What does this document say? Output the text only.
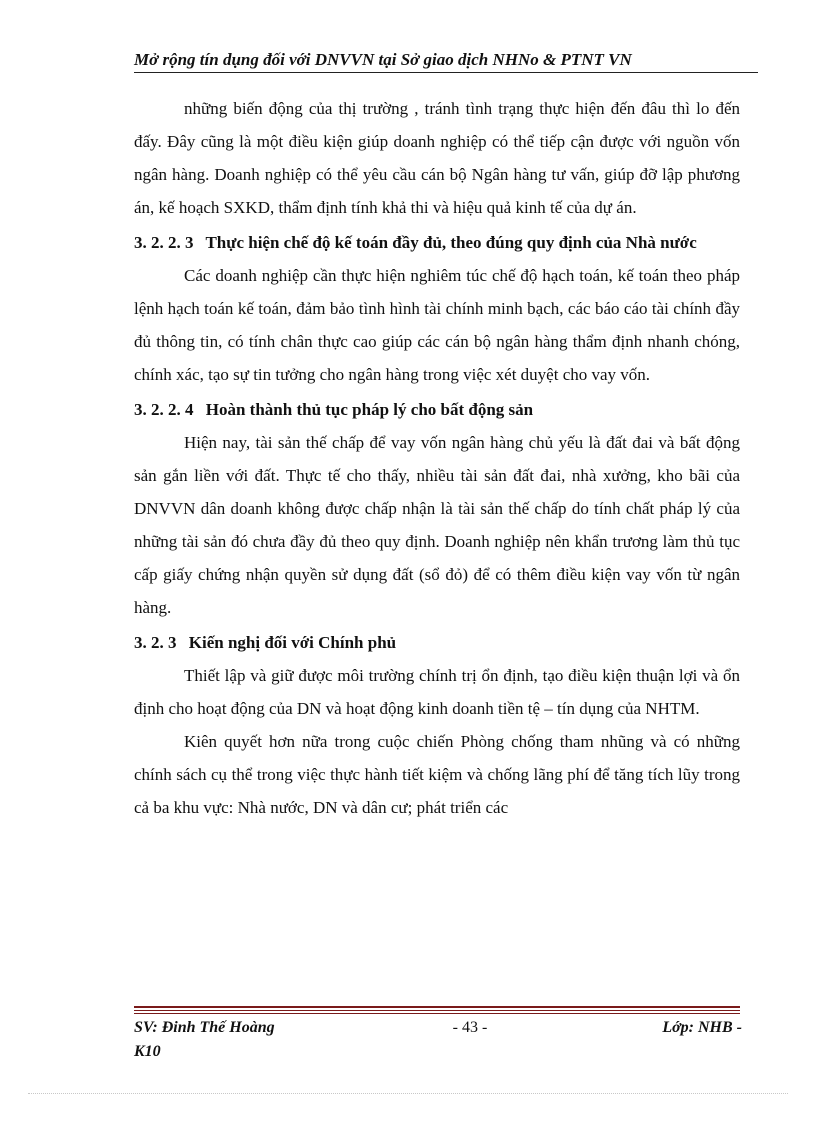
Mở rộng tín dụng đối với DNVVN tại Sở giao dịch NHNo & PTNT VN

những biến động của thị trường , tránh tình trạng thực hiện đến đâu thì lo đến đấy. Đây cũng là một điều kiện giúp doanh nghiệp có thể tiếp cận được với nguồn vốn ngân hàng. Doanh nghiệp có thể yêu cầu cán bộ Ngân hàng tư vấn, giúp đỡ lập phương án, kế hoạch SXKD, thẩm định tính khả thi và hiệu quả kinh tế của dự án.

3. 2. 2. 3 Thực hiện chế độ kế toán đầy đủ, theo đúng quy định của Nhà nước

Các doanh nghiệp cần thực hiện nghiêm túc chế độ hạch toán, kế toán theo pháp lệnh hạch toán kế toán, đảm bảo tình hình tài chính minh bạch, các báo cáo tài chính đầy đủ thông tin, có tính chân thực cao giúp các cán bộ ngân hàng thẩm định nhanh chóng, chính xác, tạo sự tin tưởng cho ngân hàng trong việc xét duyệt cho vay vốn.

3. 2. 2. 4 Hoàn thành thủ tục pháp lý cho bất động sản

Hiện nay, tài sản thế chấp để vay vốn ngân hàng chủ yếu là đất đai và bất động sản gắn liền với đất. Thực tế cho thấy, nhiều tài sản đất đai, nhà xưởng, kho bãi của DNVVN dân doanh không được chấp nhận là tài sản thế chấp do tính chất pháp lý của những tài sản đó chưa đầy đủ theo quy định. Doanh nghiệp nên khẩn trương làm thủ tục cấp giấy chứng nhận quyền sử dụng đất (sổ đỏ) để có thêm điều kiện vay vốn từ ngân hàng.

3. 2. 3 Kiến nghị đối với Chính phủ

Thiết lập và giữ được môi trường chính trị ổn định, tạo điều kiện thuận lợi và ổn định cho hoạt động của DN và hoạt động kinh doanh tiền tệ – tín dụng của NHTM.

Kiên quyết hơn nữa trong cuộc chiến Phòng chống tham nhũng và có những chính sách cụ thể trong việc thực hành tiết kiệm và chống lãng phí để tăng tích lũy trong cả ba khu vực: Nhà nước, DN và dân cư; phát triển các

SV: Đinh Thế Hoàng K10
- 43 -	Lớp: NHB -
